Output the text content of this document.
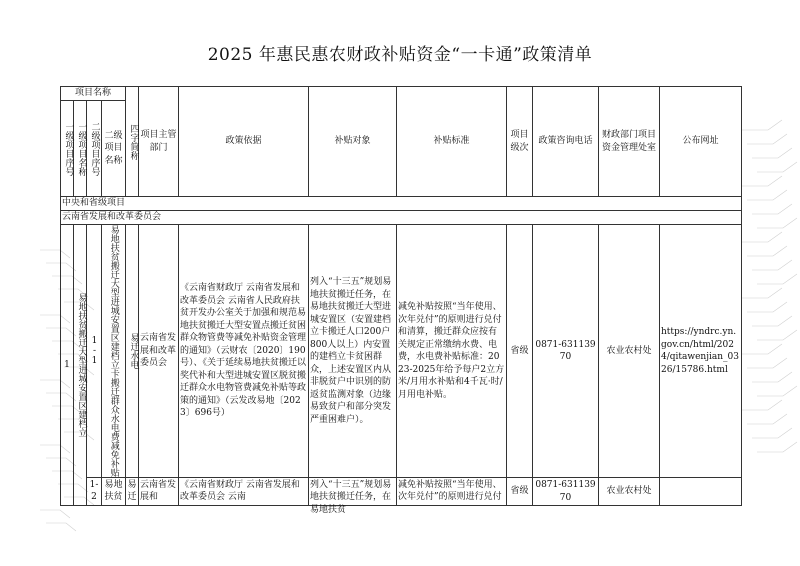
2025 年惠民惠农财政补贴资金“一卡通”政策清单
项目名称				四字简称	项目主管部门	政策依据	补贴对象	补贴标准	项目级次	政策咨询电话	财政部门项目资金管理处室	公布网址

一级项目序号	一级项目名称	二级项目序号	二级项目名称									
中央和省级项目												
云南省发展和改革委员会												
1	易地扶贫搬迁大型进城安置区建档立	1-1	易地扶贫搬迁大型进城安置区建档立卡搬迁群众水电费减免补贴	易迁水电	云南省发展和改革委员会	《云南省财政厅 云南省发展和改革委员会 云南省人民政府扶贫开发办公室关于加强和规范易地扶贫搬迁大型安置点搬迁贫困群众物管费等减免补贴资金管理的通知》（云财农〔2020〕190号）、《关于延续易地扶贫搬迁以奖代补和大型进城安置区脱贫搬迁群众水电物管费减免补贴等政策的通知》（云发改易地〔2023〕696号）	列入“十三五”规划易地扶贫搬迁任务，在易地扶贫搬迁大型进城安置区（安置建档立卡搬迁人口200户800人以上）内安置的建档立卡贫困群众，上述安置区内从非脱贫户中识别的防返贫监测对象（边缘易致贫户和部分突发严重困难户）。	减免补贴按照“当年使用、次年兑付”的原则进行兑付和清算，搬迁群众应按有关规定正常缴纳水费、电费，水电费补贴标准：2023-2025年给予每户2立方米/月用水补贴和4千瓦·时/月用电补贴。	省级	0871-63113970	农业农村处	https://yndrc.yn.gov.cn/html/2024/qitawenjian_0326/15786.html

		1-2	易地扶贫	易迁	云南省发展和	《云南省财政厅 云南省发展和改革委员会 云南	列入“十三五”规划易地扶贫搬迁任务，在易地扶贫	减免补贴按照“当年使用、次年兑付”的原则进行兑付	省级	0871-63113970	农业农村处	
